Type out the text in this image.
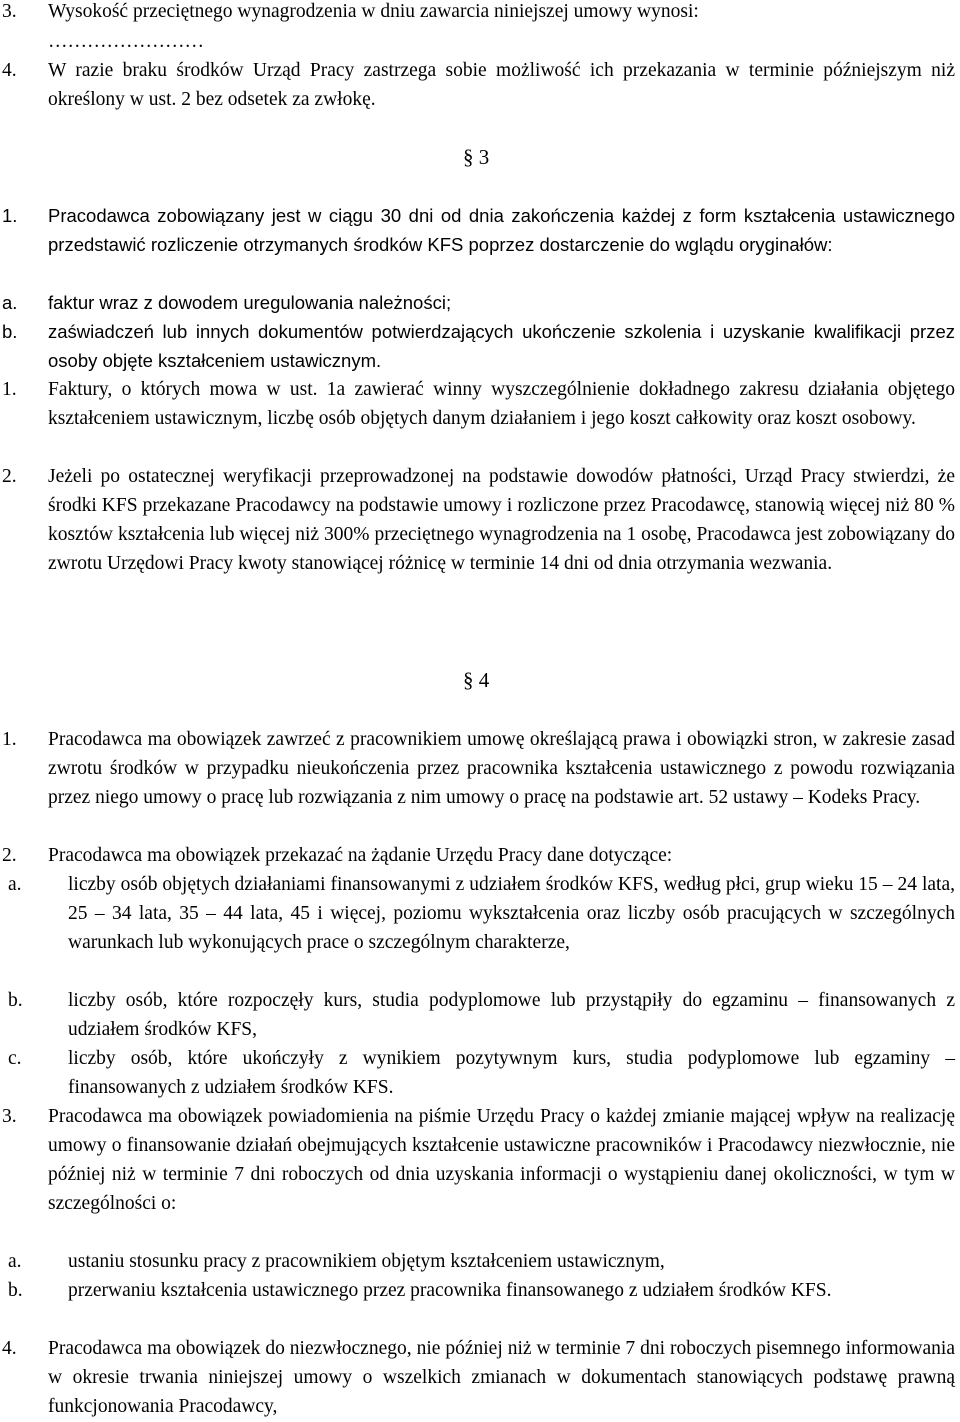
3.	Wysokość przeciętnego wynagrodzenia w dniu zawarcia niniejszej umowy wynosi:
……………………
4.	W razie braku środków Urząd Pracy zastrzega sobie możliwość ich przekazania w terminie późniejszym niż określony w ust. 2 bez odsetek za zwłokę.
§ 3
1.	Pracodawca zobowiązany jest w ciągu 30 dni od dnia zakończenia każdej z form kształcenia ustawicznego przedstawić rozliczenie otrzymanych środków KFS poprzez dostarczenie do wglądu oryginałów:
a.	faktur wraz z dowodem uregulowania należności;
b.	zaświadczeń lub innych dokumentów potwierdzających ukończenie szkolenia i uzyskanie kwalifikacji przez osoby objęte kształceniem ustawicznym.
1.	Faktury, o których mowa w ust. 1a zawierać winny wyszczególnienie dokładnego zakresu działania objętego kształceniem ustawicznym, liczbę osób objętych danym działaniem i jego koszt całkowity oraz koszt osobowy.
2.	Jeżeli po ostatecznej weryfikacji przeprowadzonej na podstawie dowodów płatności, Urząd Pracy stwierdzi, że środki KFS przekazane Pracodawcy na podstawie umowy i rozliczone przez Pracodawcę, stanowią więcej niż 80 % kosztów kształcenia lub więcej niż 300% przeciętnego wynagrodzenia na 1 osobę, Pracodawca jest zobowiązany do zwrotu Urzędowi Pracy kwoty stanowiącej różnicę w terminie 14 dni od dnia otrzymania wezwania.
§ 4
1.	Pracodawca ma obowiązek zawrzeć z pracownikiem umowę określającą prawa i obowiązki stron, w zakresie zasad zwrotu środków w przypadku nieukończenia przez pracownika kształcenia ustawicznego z powodu rozwiązania przez niego umowy o pracę lub rozwiązania z nim umowy o pracę na podstawie art. 52 ustawy – Kodeks Pracy.
2.	Pracodawca ma obowiązek przekazać na żądanie Urzędu Pracy dane dotyczące:
a.	liczby osób objętych działaniami finansowanymi z udziałem środków KFS, według płci, grup wieku 15 – 24 lata, 25 – 34 lata, 35 – 44 lata, 45 i więcej, poziomu wykształcenia oraz liczby osób pracujących w szczególnych warunkach lub wykonujących prace o szczególnym charakterze,
b.	liczby osób, które rozpoczęły kurs, studia podyplomowe lub przystąpiły do egzaminu – finansowanych z udziałem środków KFS,
c.	liczby osób, które ukończyły z wynikiem pozytywnym kurs, studia podyplomowe lub egzaminy – finansowanych z udziałem środków KFS.
3.	Pracodawca ma obowiązek powiadomienia na piśmie Urzędu Pracy o każdej zmianie mającej wpływ na realizację umowy o finansowanie działań obejmujących kształcenie ustawiczne pracowników i Pracodawcy niezwłocznie, nie później niż w terminie 7 dni roboczych od dnia uzyskania informacji o wystąpieniu danej okoliczności, w tym w szczególności o:
a.	ustaniu stosunku pracy z pracownikiem objętym kształceniem ustawicznym,
b.	przerwaniu kształcenia ustawicznego przez pracownika finansowanego z udziałem środków KFS.
4.	Pracodawca ma obowiązek do niezwłocznego, nie później niż w terminie 7 dni roboczych pisemnego informowania w okresie trwania niniejszej umowy o wszelkich zmianach w dokumentach stanowiących podstawę prawną funkcjonowania Pracodawcy,
